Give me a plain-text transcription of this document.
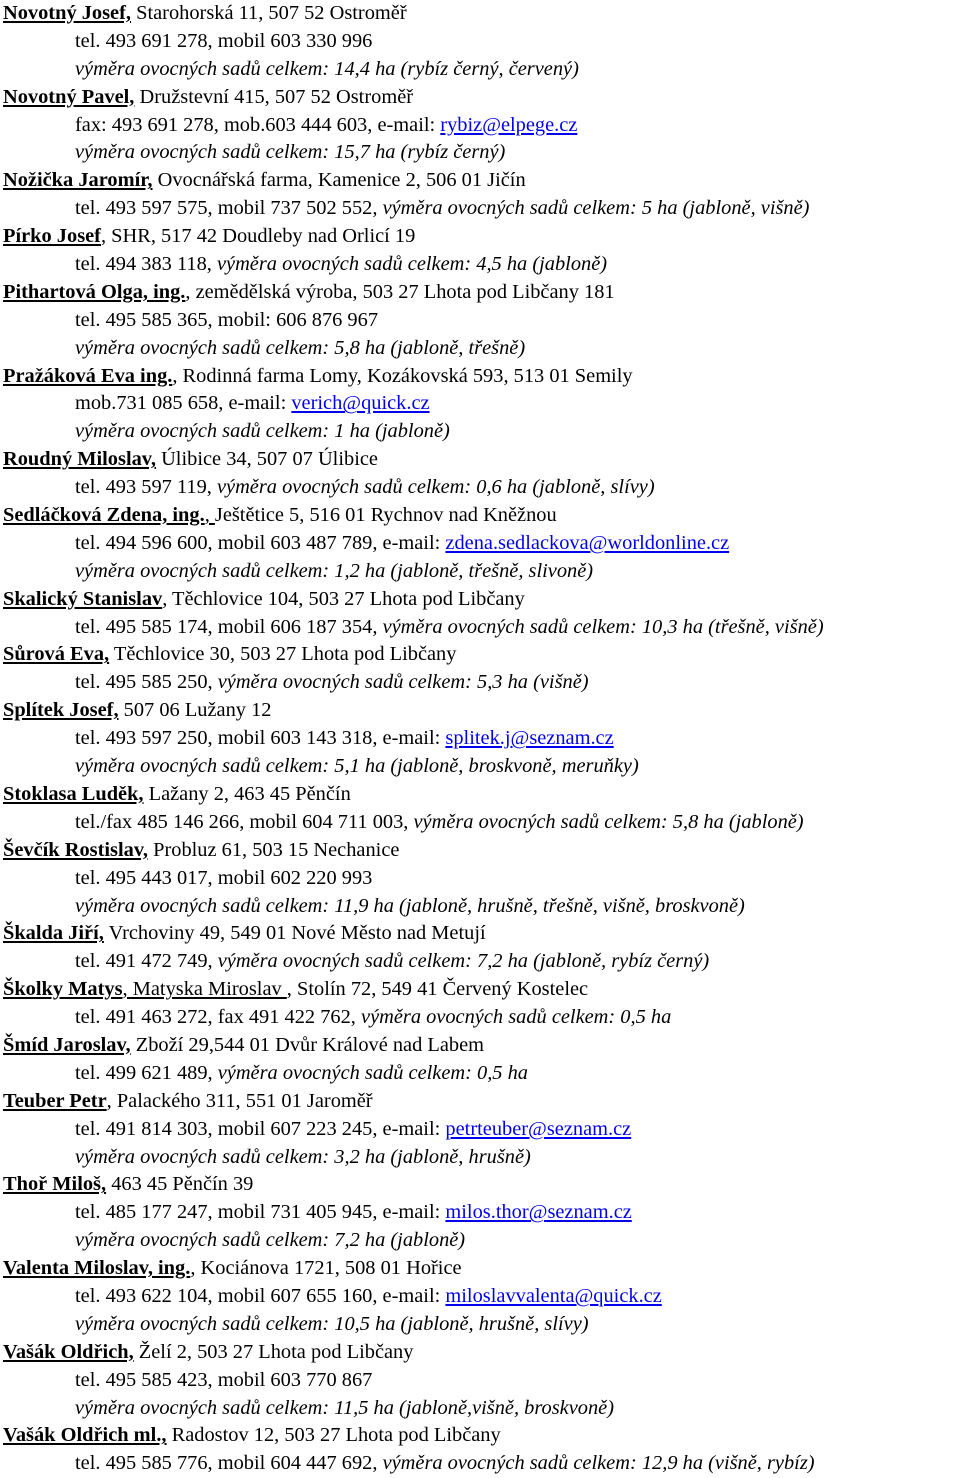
Novotný Josef, Starohorská 11, 507 52 Ostroměř
tel. 493 691 278, mobil 603 330 996
výměra ovocných sadů celkem: 14,4 ha (rybíz černý, červený)
Novotný Pavel, Družstevní 415, 507 52 Ostroměř
fax: 493 691 278, mob.603 444 603, e-mail: rybiz@elpege.cz
výměra ovocných sadů celkem: 15,7 ha (rybíz černý)
Nožička Jaromír, Ovocnářská farma, Kamenice 2, 506 01 Jičín
tel. 493 597 575, mobil 737 502 552, výměra ovocných sadů celkem: 5 ha (jabloně, višně)
Pírko Josef, SHR, 517 42 Doudleby nad Orlicí 19
tel. 494 383 118, výměra ovocných sadů celkem: 4,5 ha (jabloně)
Pithartová Olga, ing., zemědělská výroba, 503 27 Lhota pod Libčany 181
tel. 495 585 365, mobil: 606 876 967
výměra ovocných sadů celkem: 5,8 ha (jabloně, třešně)
Pražáková Eva ing., Rodinná farma Lomy, Kozákovská 593, 513 01 Semily
mob.731 085 658, e-mail: verich@quick.cz
výměra ovocných sadů celkem: 1 ha (jabloně)
Roudný Miloslav, Úlibice 34, 507 07 Úlibice
tel. 493 597 119, výměra ovocných sadů celkem: 0,6 ha (jabloně, slívy)
Sedláčková Zdena, ing., Ještětice 5, 516 01 Rychnov nad Kněžnou
tel. 494 596 600, mobil 603 487 789, e-mail: zdena.sedlackova@worldonline.cz
výměra ovocných sadů celkem: 1,2 ha (jabloně, třešně, slivoně)
Skalický Stanislav, Těchlovice 104, 503 27 Lhota pod Libčany
tel. 495 585 174, mobil 606 187 354, výměra ovocných sadů celkem: 10,3 ha (třešně, višně)
Sůrová Eva, Těchlovice 30, 503 27 Lhota pod Libčany
tel. 495 585 250, výměra ovocných sadů celkem: 5,3 ha (višně)
Splítek Josef, 507 06 Lužany 12
tel. 493 597 250, mobil 603 143 318, e-mail: splitek.j@seznam.cz
výměra ovocných sadů celkem: 5,1 ha (jabloně, broskvoně, meruňky)
Stoklasa Luděk, Lažany 2, 463 45 Pěnčín
tel./fax 485 146 266, mobil 604 711 003, výměra ovocných sadů celkem: 5,8 ha (jabloně)
Ševčík Rostislav, Probluz 61, 503 15 Nechanice
tel. 495 443 017, mobil 602 220 993
výměra ovocných sadů celkem: 11,9 ha (jabloně, hrušně, třešně, višně, broskvoně)
Škalda Jiří, Vrchoviny 49, 549 01 Nové Město nad Metují
tel. 491 472 749, výměra ovocných sadů celkem: 7,2 ha (jabloně, rybíz černý)
Školky Matys, Matyska Miroslav , Stolín 72, 549 41 Červený Kostelec
tel. 491 463 272, fax 491 422 762, výměra ovocných sadů celkem: 0,5 ha
Šmíd Jaroslav, Zboží 29,544 01 Dvůr Králové nad Labem
tel. 499 621 489, výměra ovocných sadů celkem: 0,5 ha
Teuber Petr, Palackého 311, 551 01 Jaroměř
tel. 491 814 303, mobil 607 223 245, e-mail: petrteuber@seznam.cz
výměra ovocných sadů celkem: 3,2 ha (jabloně, hrušně)
Thoř Miloš, 463 45 Pěnčín 39
tel. 485 177 247, mobil 731 405 945, e-mail: milos.thor@seznam.cz
výměra ovocných sadů celkem: 7,2 ha (jabloně)
Valenta Miloslav, ing., Kociánova 1721, 508 01 Hořice
tel. 493 622 104, mobil 607 655 160, e-mail: miloslavvalenta@quick.cz
výměra ovocných sadů celkem: 10,5 ha (jabloně, hrušně, slívy)
Vašák Oldřich, Želí 2, 503 27 Lhota pod Libčany
tel. 495 585 423, mobil 603 770 867
výměra ovocných sadů celkem: 11,5 ha (jabloně,višně, broskvoně)
Vašák Oldřich ml., Radostov 12, 503 27 Lhota pod Libčany
tel. 495 585 776, mobil 604 447 692, výměra ovocných sadů celkem: 12,9 ha (višně, rybíz)
